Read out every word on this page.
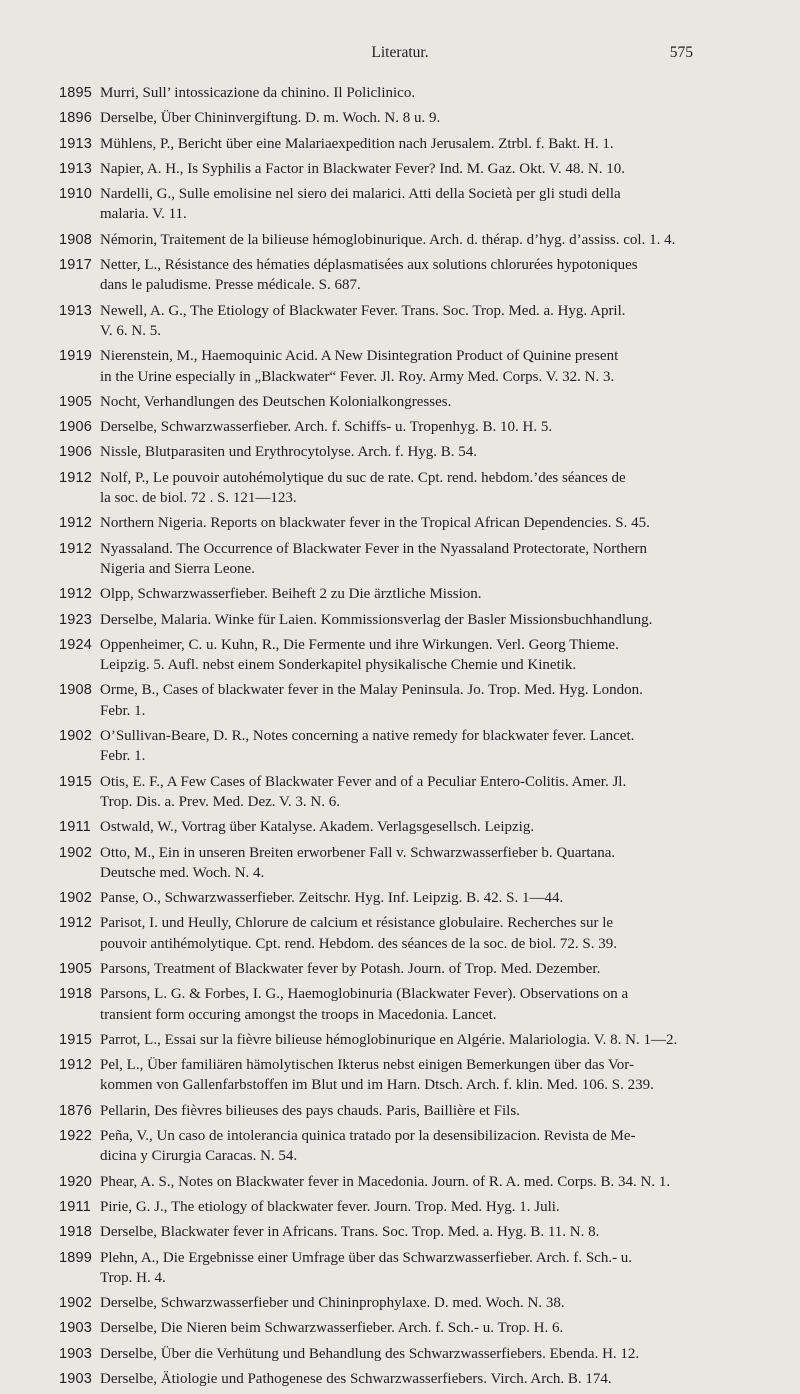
Literatur.	575
1895 Murri, Sull’ intossicazione da chinino. Il Policlinico.
1896 Derselbe, Über Chininvergiftung. D. m. Woch. N. 8 u. 9.
1913 Mühlens, P., Bericht über eine Malariaexpedition nach Jerusalem. Ztrbl. f. Bakt. H. 1.
1913 Napier, A. H., Is Syphilis a Factor in Blackwater Fever? Ind. M. Gaz. Okt. V. 48. N. 10.
1910 Nardelli, G., Sulle emolisine nel siero dei malarici. Atti della Società per gli studi della
malaria. V. 11.
1908 Némorin, Traitement de la bilieuse hémoglobinurique. Arch. d. thérap. d’hyg. d’assiss. col. 1. 4.
1917 Netter, L., Résistance des hématies déplasmatisées aux solutions chlorurées hypotoniques
dans le paludisme. Presse médicale. S. 687.
1913 Newell, A. G., The Etiology of Blackwater Fever. Trans. Soc. Trop. Med. a. Hyg. April.
V. 6. N. 5.
1919 Nierenstein, M., Haemoquinic Acid. A New Disintegration Product of Quinine present
in the Urine especially in „Blackwater“ Fever. Jl. Roy. Army Med. Corps. V. 32. N. 3.
1905 Nocht, Verhandlungen des Deutschen Kolonialkongresses.
1906 Derselbe, Schwarzwasserfieber. Arch. f. Schiffs- u. Tropenhyg. B. 10. H. 5.
1906 Nissle, Blutparasiten und Erythrocytolyse. Arch. f. Hyg. B. 54.
1912 Nolf, P., Le pouvoir autohémolytique du suc de rate. Cpt. rend. hebdom.’des séances de
la soc. de biol. 72 . S. 121—123.
1912 Northern Nigeria. Reports on blackwater fever in the Tropical African Dependencies. S. 45.
1912 Nyassaland. The Occurrence of Blackwater Fever in the Nyassaland Protectorate, Northern
Nigeria and Sierra Leone.
1912 Olpp, Schwarzwasserfieber. Beiheft 2 zu Die ärztliche Mission.
1923 Derselbe, Malaria. Winke für Laien. Kommissionsverlag der Basler Missionsbuchhandlung.
1924 Oppenheimer, C. u. Kuhn, R., Die Fermente und ihre Wirkungen. Verl. Georg Thieme.
Leipzig. 5. Aufl. nebst einem Sonderkapitel physikalische Chemie und Kinetik.
1908 Orme, B., Cases of blackwater fever in the Malay Peninsula. Jo. Trop. Med. Hyg. London.
Febr. 1.
1902 O’Sullivan-Beare, D. R., Notes concerning a native remedy for blackwater fever. Lancet.
Febr. 1.
1915 Otis, E. F., A Few Cases of Blackwater Fever and of a Peculiar Entero-Colitis. Amer. Jl.
Trop. Dis. a. Prev. Med. Dez. V. 3. N. 6.
1911 Ostwald, W., Vortrag über Katalyse. Akadem. Verlagsgesellsch. Leipzig.
1902 Otto, M., Ein in unseren Breiten erworbener Fall v. Schwarzwasserfieber b. Quartana.
Deutsche med. Woch. N. 4.
1902 Panse, O., Schwarzwasserfieber. Zeitschr. Hyg. Inf. Leipzig. B. 42. S. 1—44.
1912 Parisot, I. und Heully, Chlorure de calcium et résistance globulaire. Recherches sur le
pouvoir antihémolytique. Cpt. rend. Hebdom. des séances de la soc. de biol. 72. S. 39.
1905 Parsons, Treatment of Blackwater fever by Potash. Journ. of Trop. Med. Dezember.
1918 Parsons, L. G. & Forbes, I. G., Haemoglobinuria (Blackwater Fever). Observations on a
transient form occuring amongst the troops in Macedonia. Lancet.
1915 Parrot, L., Essai sur la fièvre bilieuse hémoglobinurique en Algérie. Malariologia. V. 8. N. 1—2.
1912 Pel, L., Über familiären hämolytischen Ikterus nebst einigen Bemerkungen über das Vor-
kommen von Gallenfarbstoffen im Blut und im Harn. Dtsch. Arch. f. klin. Med. 106. S. 239.
1876 Pellarin, Des fièvres bilieuses des pays chauds. Paris, Baillière et Fils.
1922 Peña, V., Un caso de intolerancia quinica tratado por la desensibilizacion. Revista de Me-
dicina y Cirurgia Caracas. N. 54.
1920 Phear, A. S., Notes on Blackwater fever in Macedonia. Journ. of R. A. med. Corps. B. 34. N. 1.
1911 Pirie, G. J., The etiology of blackwater fever. Journ. Trop. Med. Hyg. 1. Juli.
1918 Derselbe, Blackwater fever in Africans. Trans. Soc. Trop. Med. a. Hyg. B. 11. N. 8.
1899 Plehn, A., Die Ergebnisse einer Umfrage über das Schwarzwasserfieber. Arch. f. Sch.- u.
Trop. H. 4.
1902 Derselbe, Schwarzwasserfieber und Chininprophylaxe. D. med. Woch. N. 38.
1903 Derselbe, Die Nieren beim Schwarzwasserfieber. Arch. f. Sch.- u. Trop. H. 6.
1903 Derselbe, Über die Verhütung und Behandlung des Schwarzwasserfiebers. Ebenda. H. 12.
1903 Derselbe, Ätiologie und Pathogenese des Schwarzwasserfiebers. Virch. Arch. B. 174.
